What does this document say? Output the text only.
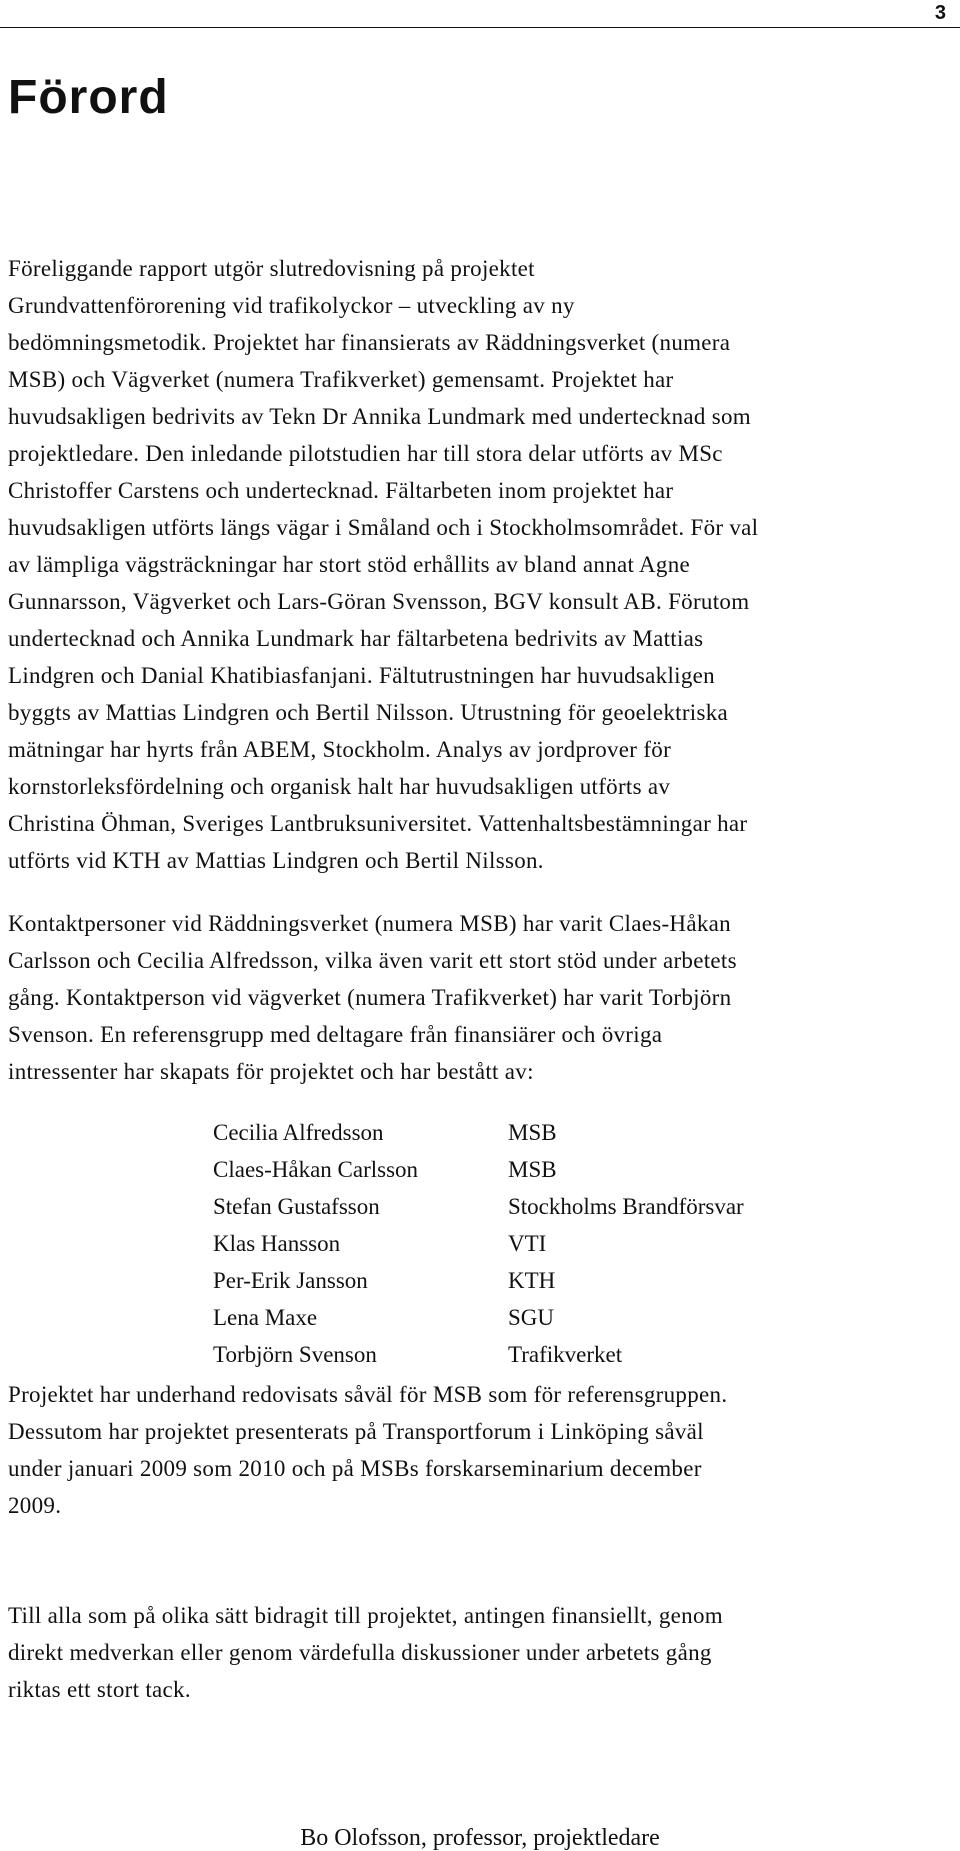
3
Förord

Föreliggande rapport utgör slutredovisning på projektet
Grundvattenförorening vid trafikolyckor – utveckling av ny
bedömningsmetodik. Projektet har finansierats av Räddningsverket (numera
MSB) och Vägverket (numera Trafikverket) gemensamt. Projektet har
huvudsakligen bedrivits av Tekn Dr Annika Lundmark med undertecknad som
projektledare. Den inledande pilotstudien har till stora delar utförts av MSc
Christoffer Carstens och undertecknad. Fältarbeten inom projektet har
huvudsakligen utförts längs vägar i Småland och i Stockholmsområdet. För val
av lämpliga vägsträckningar har stort stöd erhållits av bland annat Agne
Gunnarsson, Vägverket och Lars-Göran Svensson, BGV konsult AB. Förutom
undertecknad och Annika Lundmark har fältarbetena bedrivits av Mattias
Lindgren och Danial Khatibiasfanjani. Fältutrustningen har huvudsakligen
byggts av Mattias Lindgren och Bertil Nilsson. Utrustning för geoelektriska
mätningar har hyrts från ABEM, Stockholm. Analys av jordprover för
kornstorleksfördelning och organisk halt har huvudsakligen utförts av
Christina Öhman, Sveriges Lantbruksuniversitet. Vattenhaltsbestämningar har
utförts vid KTH av Mattias Lindgren och Bertil Nilsson.

Kontaktpersoner vid Räddningsverket (numera MSB) har varit Claes-Håkan
Carlsson och Cecilia Alfredsson, vilka även varit ett stort stöd under arbetets
gång. Kontaktperson vid vägverket (numera Trafikverket) har varit Torbjörn
Svenson. En referensgrupp med deltagare från finansiärer och övriga
intressenter har skapats för projektet och har bestått av:

Cecilia Alfredsson	MSB
Claes-Håkan Carlsson	MSB
Stefan Gustafsson	Stockholms Brandförsvar
Klas Hansson	VTI
Per-Erik Jansson	KTH
Lena Maxe	SGU
Torbjörn Svenson	Trafikverket

Projektet har underhand redovisats såväl för MSB som för referensgruppen.
Dessutom har projektet presenterats på Transportforum i Linköping såväl
under januari 2009 som 2010 och på MSBs forskarseminarium december
2009.

Till alla som på olika sätt bidragit till projektet, antingen finansiellt, genom
direkt medverkan eller genom värdefulla diskussioner under arbetets gång
riktas ett stort tack.

Bo Olofsson, professor, projektledare
